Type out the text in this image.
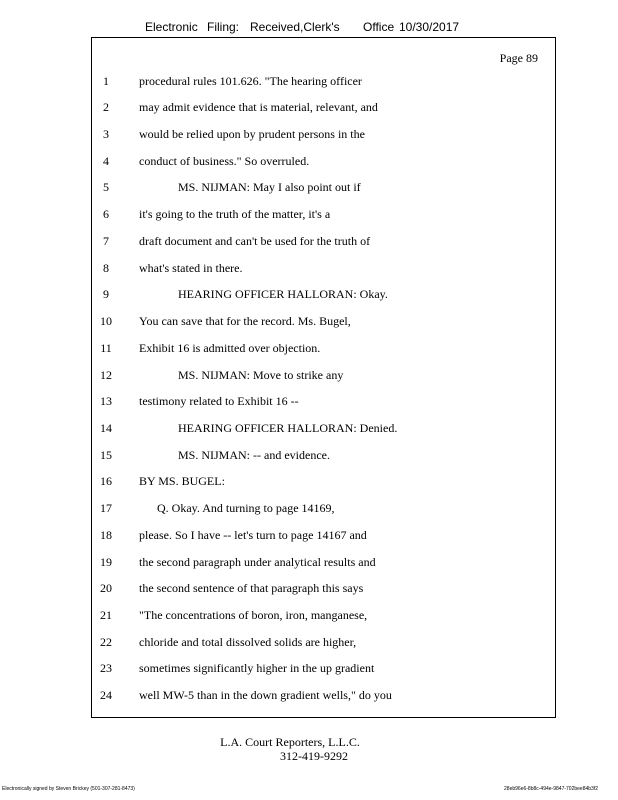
Electronic Filing: Received,Clerk's Office 10/30/2017
Page 89
1	procedural rules 101.626. "The hearing officer
2	may admit evidence that is material, relevant, and
3	would be relied upon by prudent persons in the
4	conduct of business." So overruled.
5	MS. NIJMAN: May I also point out if
6	it's going to the truth of the matter, it's a
7	draft document and can't be used for the truth of
8	what's stated in there.
9	HEARING OFFICER HALLORAN: Okay.
10	You can save that for the record. Ms. Bugel,
11	Exhibit 16 is admitted over objection.
12	MS. NIJMAN: Move to strike any
13	testimony related to Exhibit 16 --
14	HEARING OFFICER HALLORAN: Denied.
15	MS. NIJMAN: -- and evidence.
16	BY MS. BUGEL:
17	Q. Okay. And turning to page 14169,
18	please. So I have -- let's turn to page 14167 and
19	the second paragraph under analytical results and
20	the second sentence of that paragraph this says
21	"The concentrations of boron, iron, manganese,
22	chloride and total dissolved solids are higher,
23	sometimes significantly higher in the up gradient
24	well MW-5 than in the down gradient wells," do you
L.A. Court Reporters, L.L.C.
312-419-9292
Electronically signed by Steven Brickey (501-307-281-8473)	28eb96e6-8b8c-494e-9847-702bee84b3f2
